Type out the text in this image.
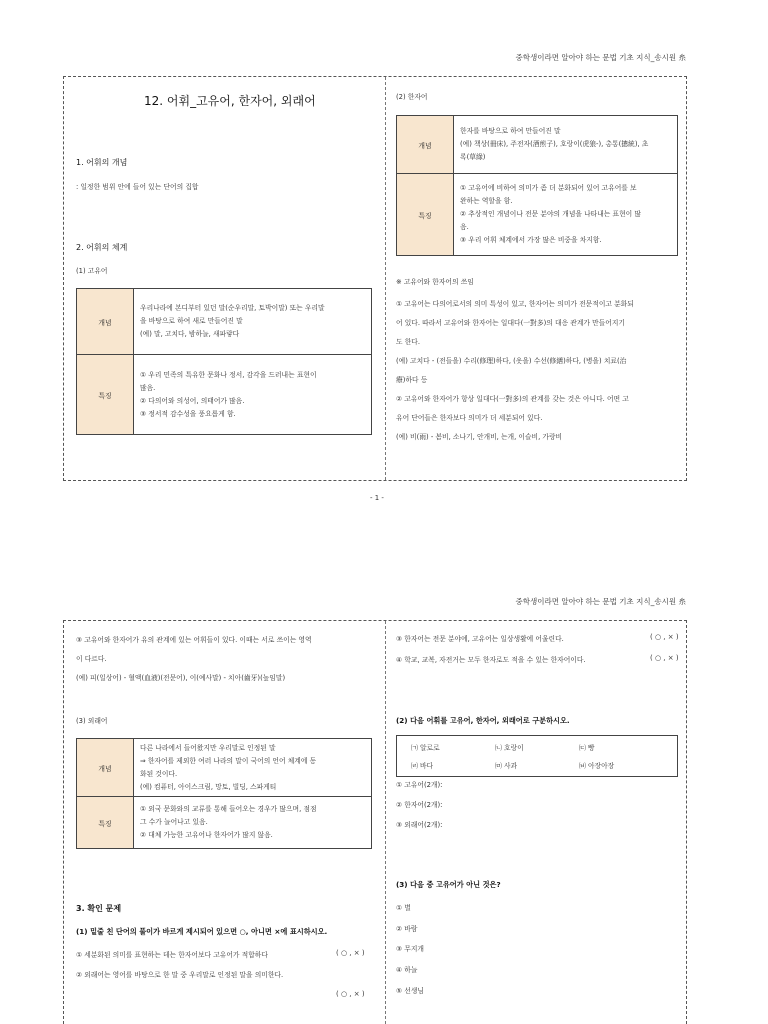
중학생이라면 알아야 하는 문법 기초 지식_송시원 ⽷
12. 어휘_고유어, 한자어, 외래어
1. 어휘의 개념
: 일정한 범위 안에 들어 있는 단어의 집합
2. 어휘의 체계
(1) 고유어
개념	우리나라에 본디부터 있던 말(순우리말, 토박이말) 또는 우리말
을 바탕으로 하여 새로 만들어진 말
(예) 말, 고치다, 밤하늘, 새파랗다

특징	① 우리 민족의 특유한 문화나 정서, 감각을 드러내는 표현이
많음.
② 다의어와 의성어, 의태어가 많음.
③ 정서적 감수성을 풍요롭게 함.
(2) 한자어
개념	한자를 바탕으로 하여 만들어진 말
(예) 책상(冊床), 주전자(酒煎子), 호랑이(虎狼-), 총통(摠統), 초
록(草綠)

특징	① 고유어에 비하여 의미가 좀 더 분화되어 있어 고유어를 보
완하는 역할을 함.
② 추상적인 개념이나 전문 분야의 개념을 나타내는 표현이 많
음.
③ 우리 어휘 체계에서 가장 많은 비중을 차지함.
※ 고유어와 한자어의 쓰임
① 고유어는 다의어로서의 의미 특성이 있고, 한자어는 의미가 전문적이고 분화되
어 있다. 따라서 고유어와 한자어는 일대다(一對多)의 대응 관계가 만들어지기
도 한다.
(예) 고치다 - (전들을) 수리(修理)하다, (옷을) 수선(修繕)하다, (병을) 치료(治
療)하다 등
② 고유어와 한자어가 항상 일대다(一對多)의 관계를 갖는 것은 아니다. 어떤 고
유어 단어들은 한자보다 의미가 더 세분되어 있다.
(예) 비(雨) - 봄비, 소나기, 안개비, 는개, 이슬비, 가랑비
- 1 -
중학생이라면 알아야 하는 문법 기초 지식_송시원 ⽷
③ 고유어와 한자어가 유의 관계에 있는 어휘들이 있다. 이때는 서로 쓰이는 영역
이 다르다.
(예) 피(일상어) - 혈액(血液)(전문어), 이(예사말) - 치아(齒牙)(높임말)
(3) 외래어
개념	다른 나라에서 들어왔지만 우리말로 인정된 말
⇒ 한자어를 제외한 여러 나라의 말이 국어의 언어 체계에 동
화된 것이다.
(예) 컴퓨터, 아이스크림, 망토, 빌딩, 스파게티

특징	① 외국 문화와의 교류를 통해 들어오는 경우가 많으며, 점점
그 수가 늘어나고 있음.
② 대체 가능한 고유어나 한자어가 많지 않음.
3. 확인 문제
(1) 밑줄 친 단어의 풀이가 바르게 제시되어 있으면 ○, 아니면 ×에 표시하시오.
① 세분화된 의미를 표현하는 데는 한자어보다 고유어가 적합하다	( ○ , × )
② 외래어는 영어를 바탕으로 한 말 중 우리말로 인정된 말을 의미한다.
( ○ , × )
③ 한자어는 전문 분야에, 고유어는 일상생활에 어울린다.	( ○ , × )
④ 학교, 교복, 자전거는 모두 한자로도 적을 수 있는 한자어이다.	( ○ , × )
(2) 다음 어휘를 고유어, 한자어, 외래어로 구분하시오.
㈀ 알로로	㈁ 호랑이	㈂ 빵
㈃ 바다	㈄ 사과	㈅ 아장아장
① 고유어(2개):
② 한자어(2개):
③ 외래어(2개):
(3) 다음 중 고유어가 아닌 것은?
① 별
② 바람
③ 무지개
④ 하늘
⑤ 선생님
